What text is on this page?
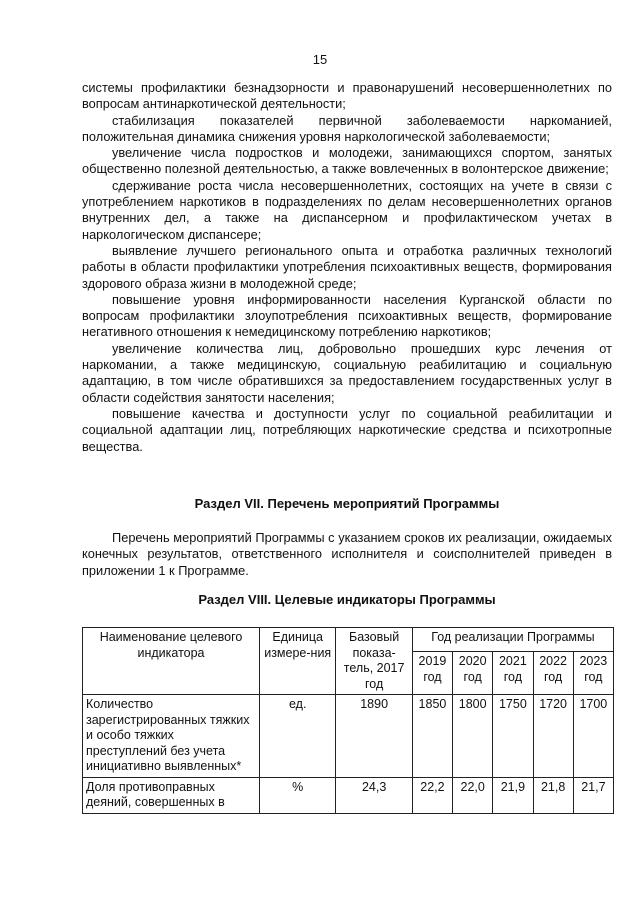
15

системы профилактики безнадзорности и правонарушений несовершеннолетних по вопросам антинаркотической деятельности;

стабилизация показателей первичной заболеваемости наркоманией, положительная динамика снижения уровня наркологической заболеваемости;

увеличение числа подростков и молодежи, занимающихся спортом, занятых общественно полезной деятельностью, а также вовлеченных в волонтерское движение;

сдерживание роста числа несовершеннолетних, состоящих на учете в связи с употреблением наркотиков в подразделениях по делам несовершеннолетних органов внутренних дел, а также на диспансерном и профилактическом учетах в наркологическом диспансере;

выявление лучшего регионального опыта и отработка различных технологий работы в области профилактики употребления психоактивных веществ, формирования здорового образа жизни в молодежной среде;

повышение уровня информированности населения Курганской области по вопросам профилактики злоупотребления психоактивных веществ, формирование негативного отношения к немедицинскому потреблению наркотиков;

увеличение количества лиц, добровольно прошедших курс лечения от наркомании, а также медицинскую, социальную реабилитацию и социальную адаптацию, в том числе обратившихся за предоставлением государственных услуг в области содействия занятости населения;

повышение качества и доступности услуг по социальной реабилитации и социальной адаптации лиц, потребляющих наркотические средства и психотропные вещества.

Раздел VII. Перечень мероприятий Программы

Перечень мероприятий Программы с указанием сроков их реализации, ожидаемых конечных результатов, ответственного исполнителя и соисполнителей приведен в приложении 1 к Программе.

Раздел VIII. Целевые индикаторы Программы
Наименование целевого индикатора	Единица измере-ния	Базовый показа-тель, 2017 год	Год реализации Программы				
			2019 год	2020 год	2021 год	2022 год	2023 год
Количество зарегистрированных тяжких и особо тяжких преступлений без учета инициативно выявленных*	ед.	1890	1850	1800	1750	1720	1700
Доля противоправных деяний, совершенных в	%	24,3	22,2	22,0	21,9	21,8	21,7
